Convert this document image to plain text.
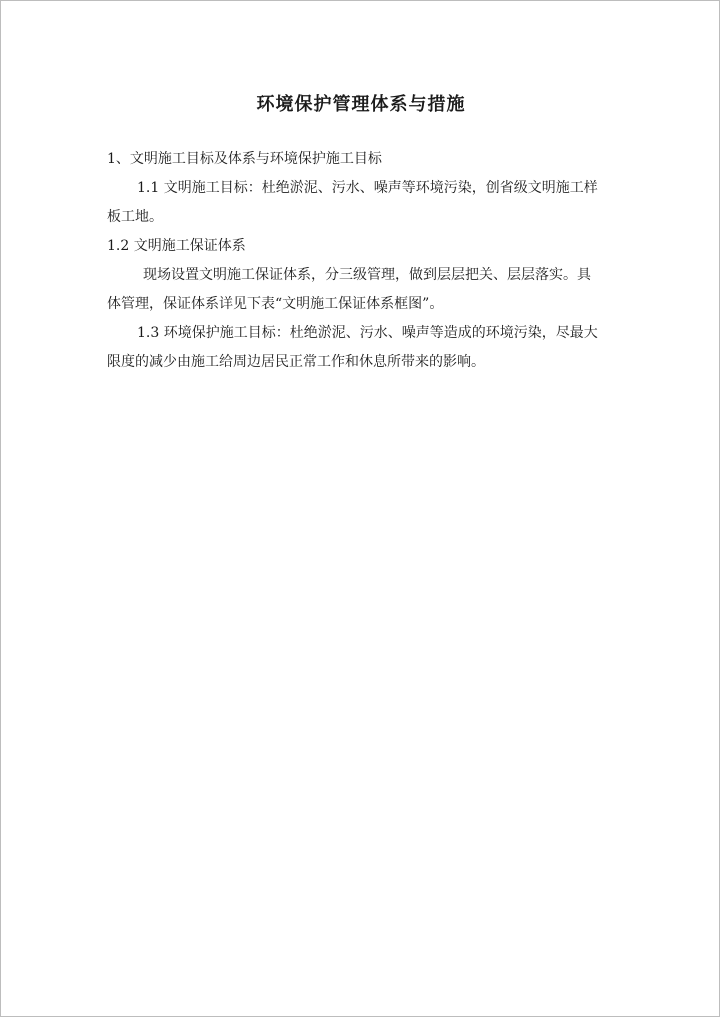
环境保护管理体系与措施

1、文明施工目标及体系与环境保护施工目标

1.1 文明施工目标：杜绝淤泥、污水、噪声等环境污染，创省级文明施工样

板工地。

1.2 文明施工保证体系

现场设置文明施工保证体系，分三级管理，做到层层把关、层层落实。具

体管理，保证体系详见下表“文明施工保证体系框图”。

1.3 环境保护施工目标：杜绝淤泥、污水、噪声等造成的环境污染，尽最大

限度的减少由施工给周边居民正常工作和休息所带来的影响。
